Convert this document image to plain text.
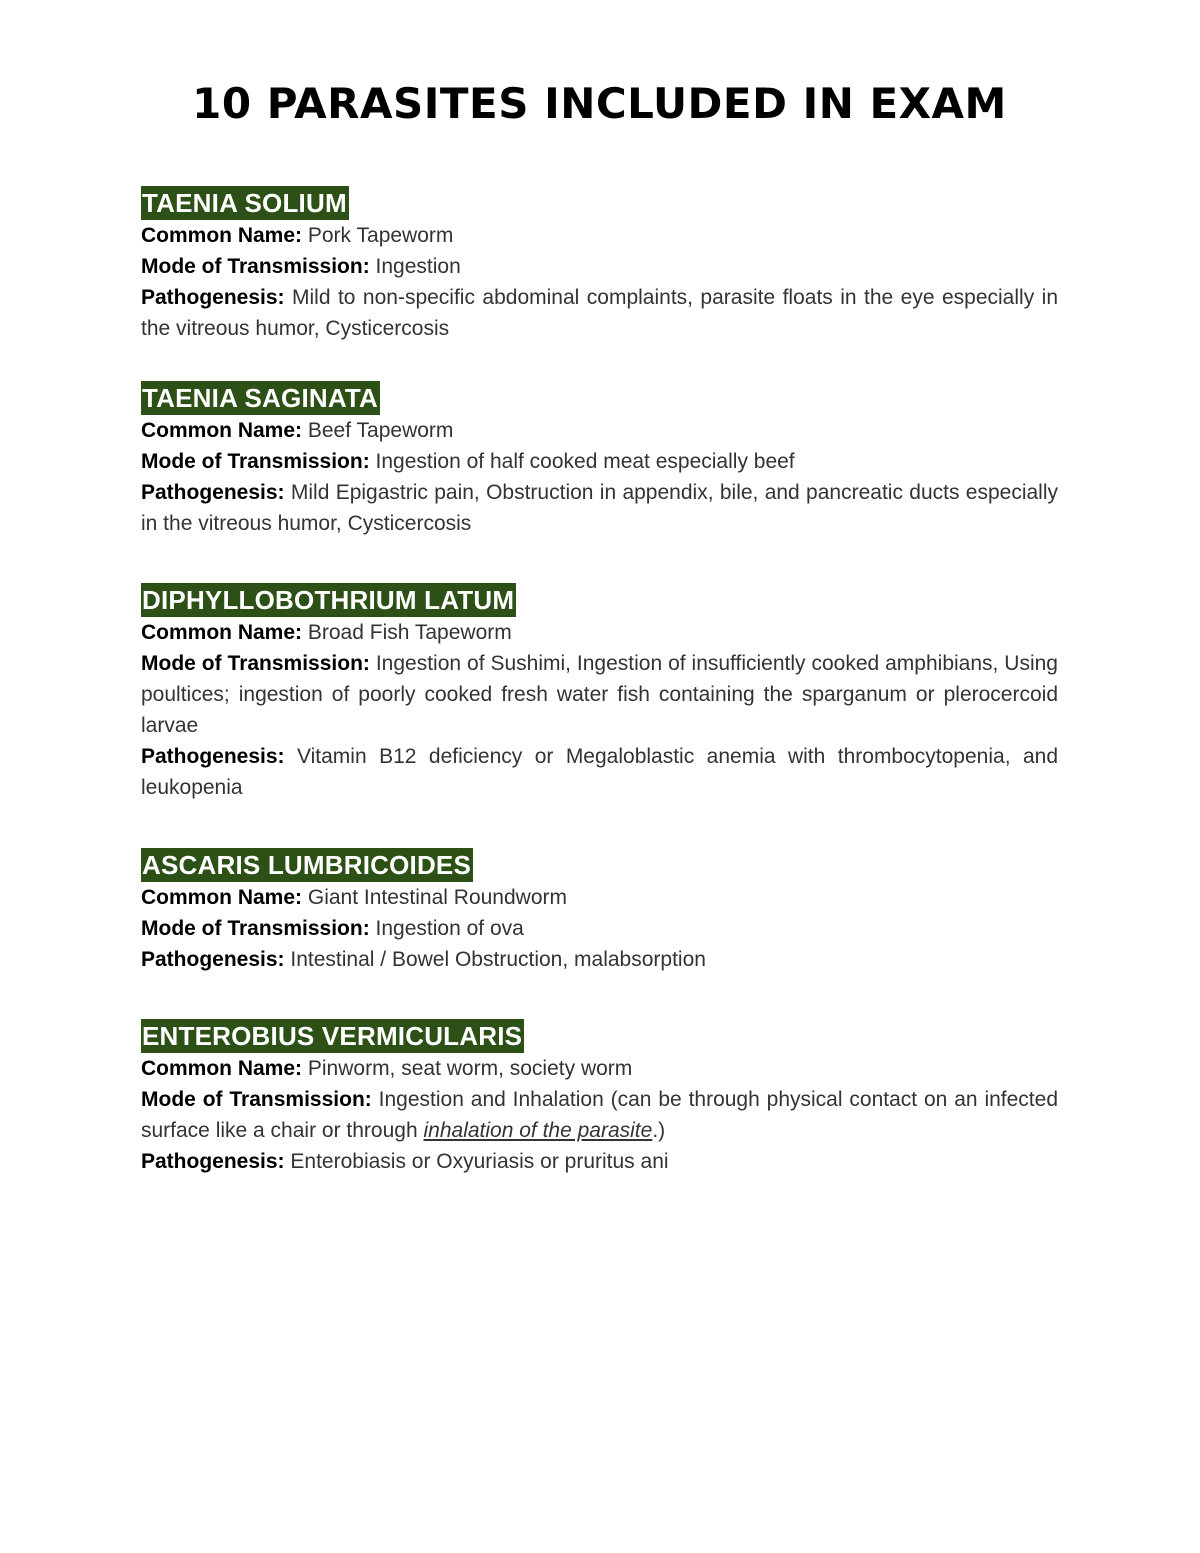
10 PARASITES INCLUDED IN EXAM
TAENIA SOLIUM

Common Name: Pork Tapeworm

Mode of Transmission: Ingestion

Pathogenesis: Mild to non-specific abdominal complaints, parasite floats in the eye especially in the vitreous humor, Cysticercosis

TAENIA SAGINATA

Common Name: Beef Tapeworm

Mode of Transmission: Ingestion of half cooked meat especially beef

Pathogenesis: Mild Epigastric pain, Obstruction in appendix, bile, and pancreatic ducts especially in the vitreous humor, Cysticercosis

DIPHYLLOBOTHRIUM LATUM

Common Name: Broad Fish Tapeworm

Mode of Transmission: Ingestion of Sushimi, Ingestion of insufficiently cooked amphibians, Using poultices; ingestion of poorly cooked fresh water fish containing the sparganum or plerocercoid larvae

Pathogenesis: Vitamin B12 deficiency or Megaloblastic anemia with thrombocytopenia, and leukopenia

ASCARIS LUMBRICOIDES

Common Name: Giant Intestinal Roundworm

Mode of Transmission: Ingestion of ova

Pathogenesis: Intestinal / Bowel Obstruction, malabsorption

ENTEROBIUS VERMICULARIS

Common Name: Pinworm, seat worm, society worm

Mode of Transmission: Ingestion and Inhalation (can be through physical contact on an infected surface like a chair or through inhalation of the parasite.)

Pathogenesis: Enterobiasis or Oxyuriasis or pruritus ani
